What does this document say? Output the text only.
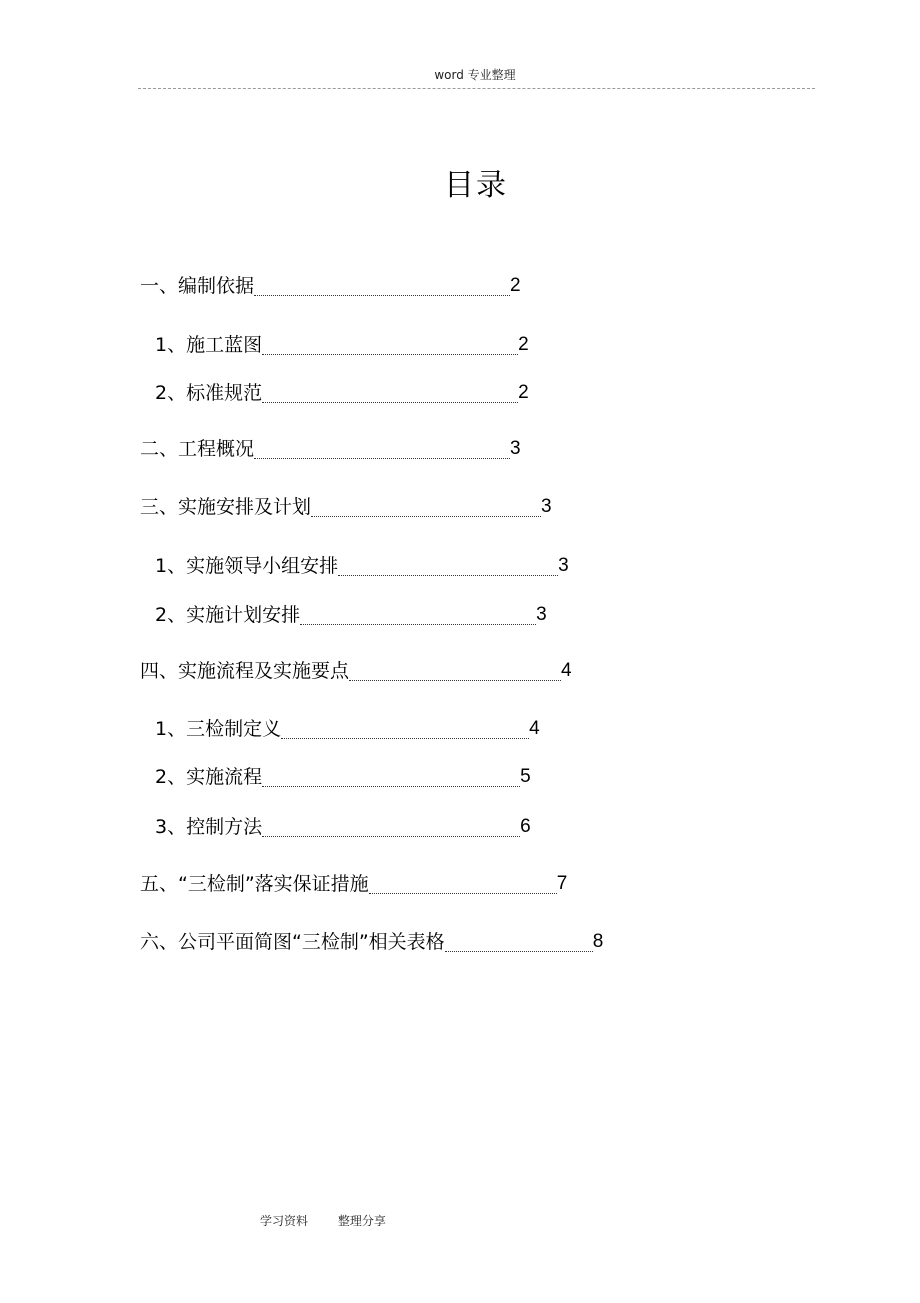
word 专业整理
目录
一、编制依据	2
1、施工蓝图	2
2、标准规范	2
二、工程概况	3
三、实施安排及计划	3
1、实施领导小组安排	3
2、实施计划安排	3
四、实施流程及实施要点	4
1、三检制定义	4
2、实施流程	5
3、控制方法	6
五、“三检制”落实保证措施	7
六、公司平面简图“三检制”相关表格	8
学习资料 整理分享
